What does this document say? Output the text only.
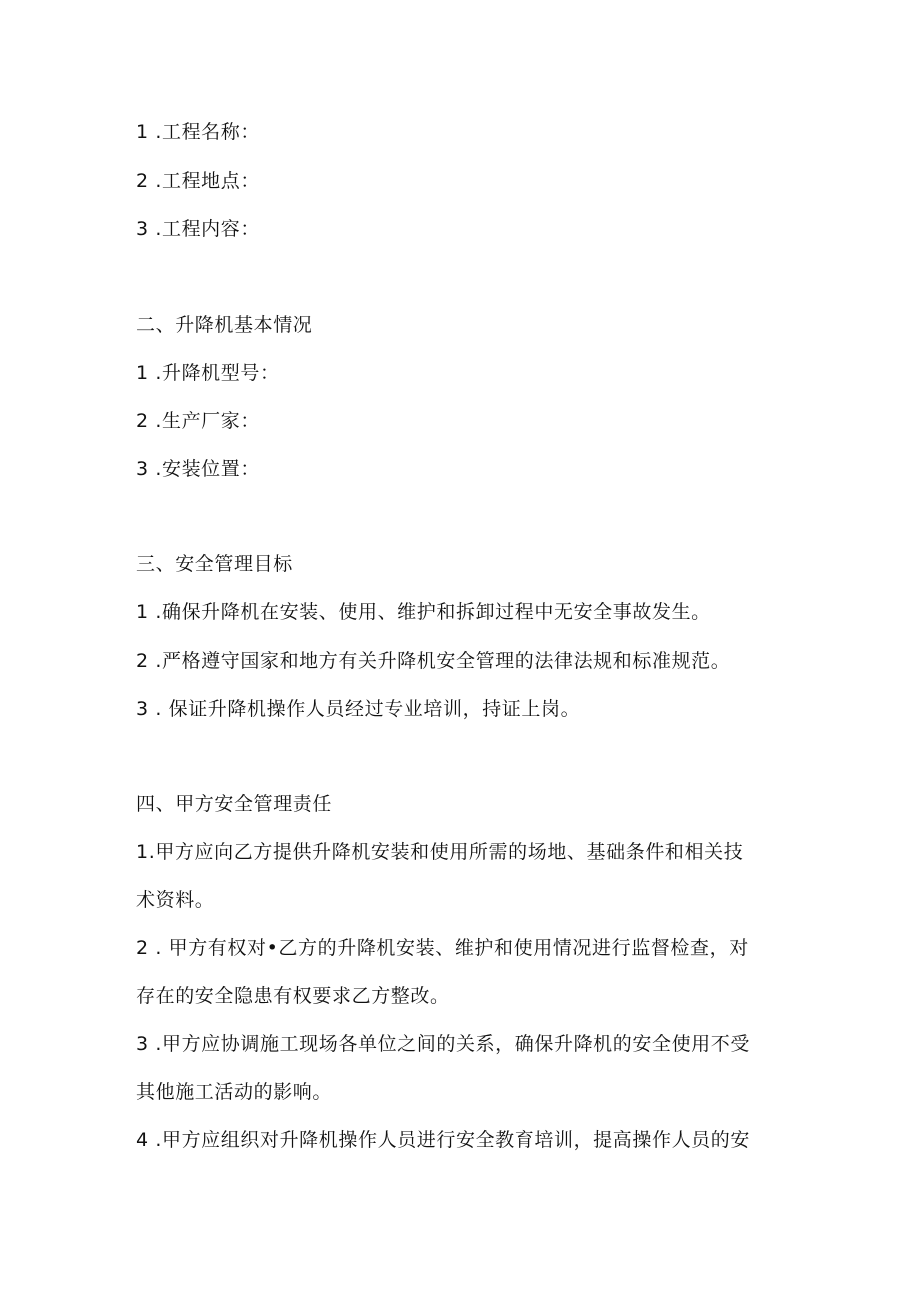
1 .工程名称：
2 .工程地点：
3 .工程内容：
二、升降机基本情况
1 .升降机型号：
2 .生产厂家：
3 .安装位置：
三、安全管理目标
1 .确保升降机在安装、使用、维护和拆卸过程中无安全事故发生。
2 .严格遵守国家和地方有关升降机安全管理的法律法规和标准规范。
3 . 保证升降机操作人员经过专业培训，持证上岗。
四、甲方安全管理责任
1.甲方应向乙方提供升降机安装和使用所需的场地、基础条件和相关技
术资料。
2 . 甲方有权对•乙方的升降机安装、维护和使用情况进行监督检查，对
存在的安全隐患有权要求乙方整改。
3 .甲方应协调施工现场各单位之间的关系，确保升降机的安全使用不受
其他施工活动的影响。
4 .甲方应组织对升降机操作人员进行安全教育培训，提高操作人员的安
